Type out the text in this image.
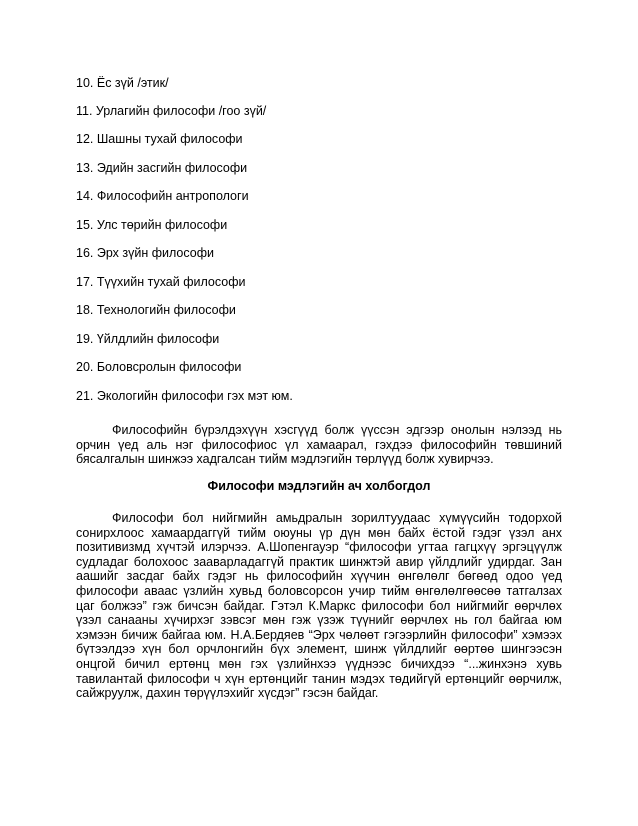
10. Ёс зүй /этик/
11. Урлагийн философи /гоо зүй/
12. Шашны тухай философи
13. Эдийн засгийн философи
14. Философийн антропологи
15. Улс төрийн философи
16. Эрх зүйн философи
17. Түүхийн тухай философи
18. Технологийн философи
19. Үйлдлийн философи
20. Боловсролын философи
21. Экологийн философи гэх мэт юм.

Философийн бүрэлдэхүүн хэсгүүд болж үүссэн эдгээр онолын нэлээд нь орчин үед аль нэг философиос үл хамаарал, гэхдээ философийн төвшиний бясалгалын шинжээ хадгалсан тийм мэдлэгийн төрлүүд болж хувирчээ.

Философи мэдлэгийн ач холбогдол

Философи бол нийгмийн амьдралын зорилтуудаас хүмүүсийн тодорхой сонирхлоос хамаардаггүй тийм оюуны үр дүн мөн байх ёстой гэдэг үзэл анх позитивизмд хүчтэй илэрчээ. А.Шопенгауэр “философи угтаа гагцхүү эргэцүүлж судладаг болохоос зааварладаггүй практик шинжтэй авир үйлдлийг удирдаг. Зан аашийг засдаг байх гэдэг нь философийн хүүчин өнгөлөлг бөгөөд одоо үед философи аваас үзлийн хувьд боловсорсон учир тийм өнгөлөлгөөсөө татгалзах цаг болжээ” гэж бичсэн байдаг. Гэтэл К.Маркс философи бол нийгмийг өөрчлөх үзэл санааны хүчирхэг зэвсэг мөн гэж үзэж түүнийг өөрчлөх нь гол байгаа юм хэмээн бичиж байгаа юм. Н.А.Бердяев “Эрх чөлөөт гэгээрлийн философи” хэмээх бүтээлдээ хүн бол орчлонгийн бүх элемент, шинж үйлдлийг өөртөө шингээсэн онцгой бичил ертөнц мөн гэх үзлийнхээ үүднээс бичихдээ “...жинхэнэ хувь тавилантай философи ч хүн ертөнцийг танин мэдэх төдийгүй ертөнцийг өөрчилж, сайжруулж, дахин төрүүлэхийг хүсдэг” гэсэн байдаг.
